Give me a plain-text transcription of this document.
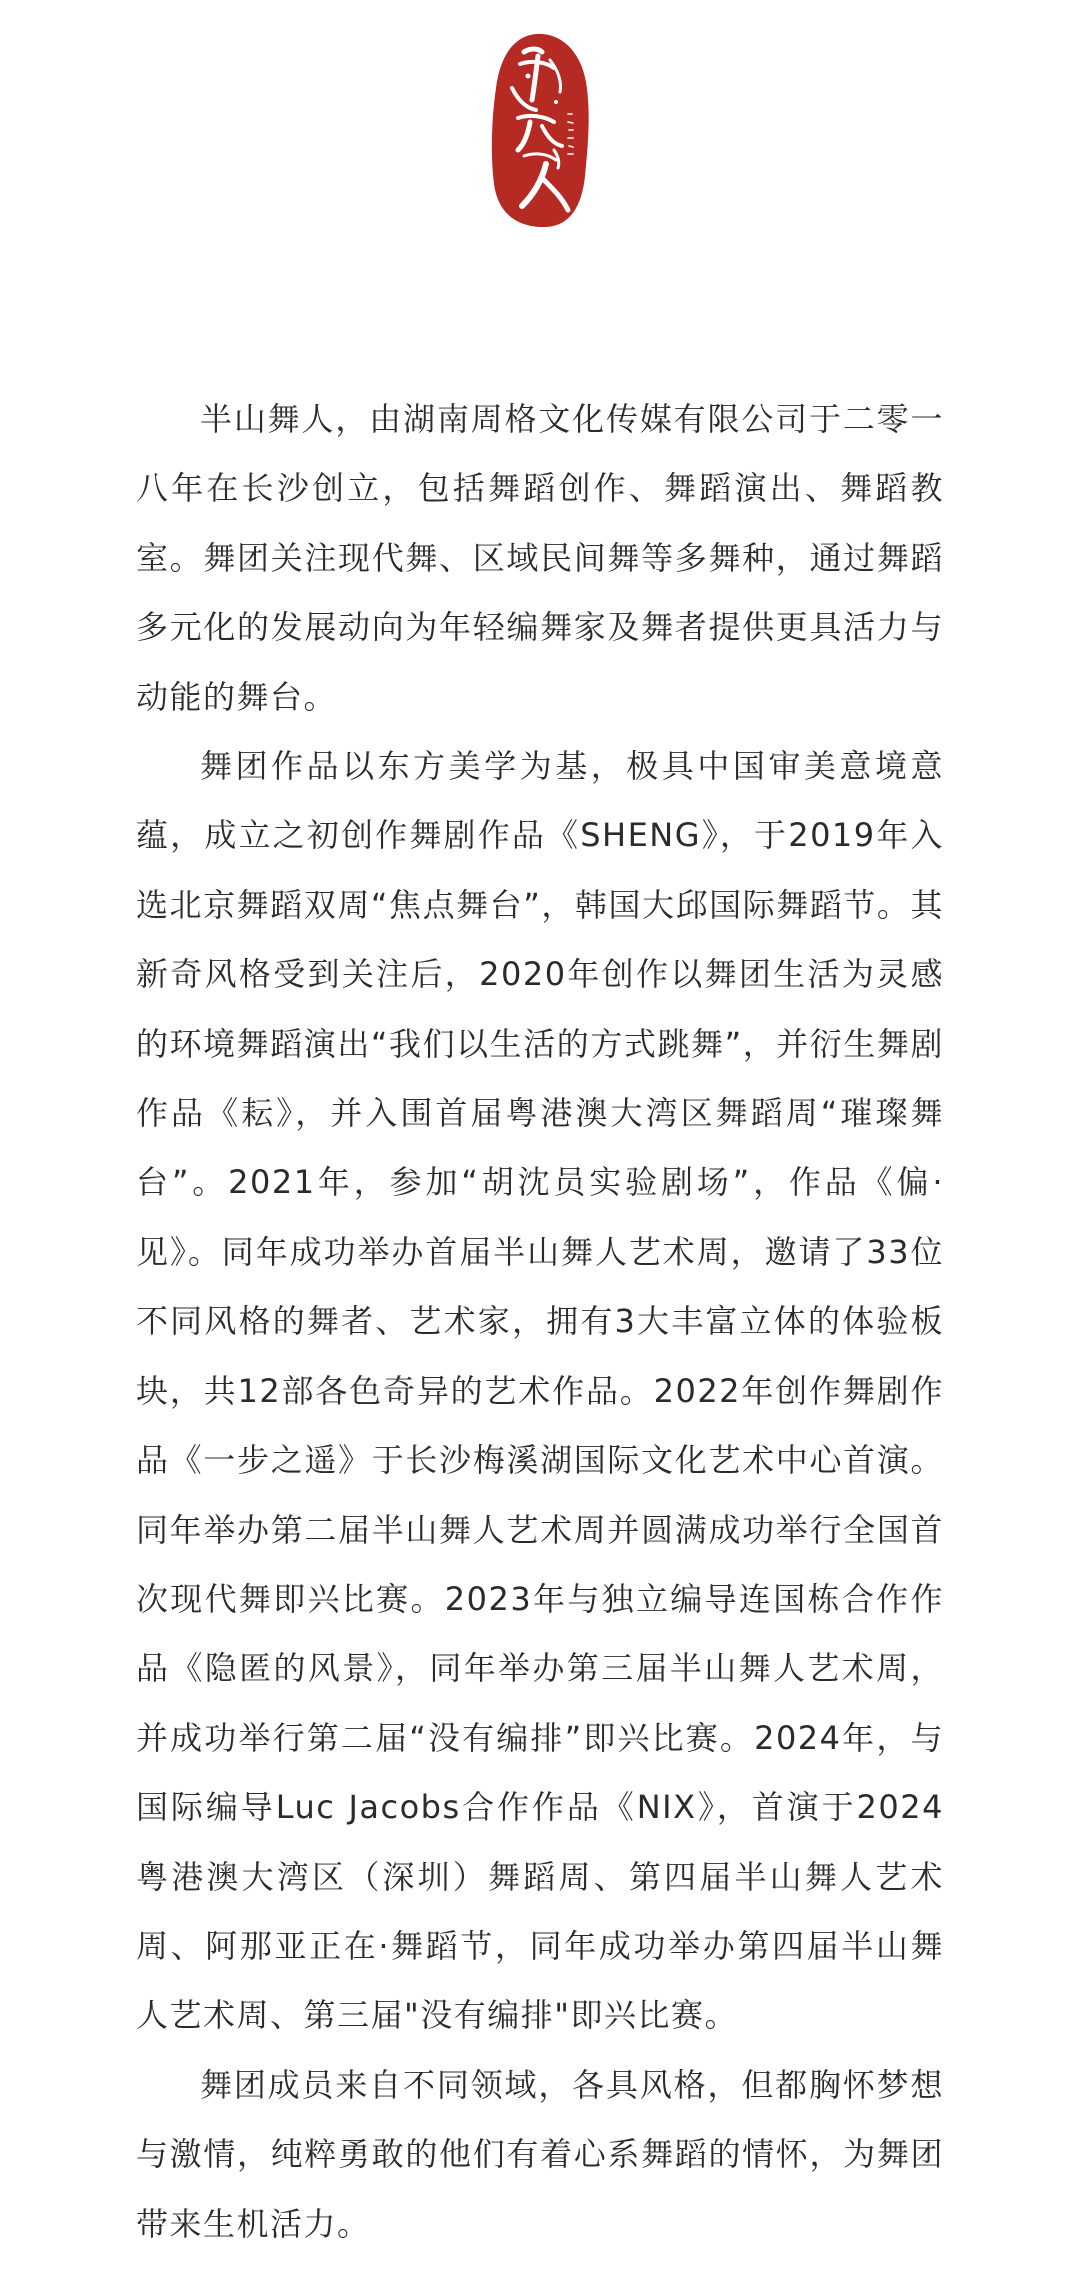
半山舞人，由湖南周格文化传媒有限公司于二零一八年在长沙创立，包括舞蹈创作、舞蹈演出、舞蹈教室。舞团关注现代舞、区域民间舞等多舞种，通过舞蹈多元化的发展动向为年轻编舞家及舞者提供更具活力与动能的舞台。

舞团作品以东方美学为基，极具中国审美意境意蕴，成立之初创作舞剧作品《SHENG》，于2019年入选北京舞蹈双周“焦点舞台”，韩国大邱国际舞蹈节。其新奇风格受到关注后，2020年创作以舞团生活为灵感的环境舞蹈演出“我们以生活的方式跳舞”，并衍生舞剧作品《耘》，并入围首届粤港澳大湾区舞蹈周“璀璨舞台”。2021年，参加“胡沈员实验剧场”，作品《偏·见》。同年成功举办首届半山舞人艺术周，邀请了33位不同风格的舞者、艺术家，拥有3大丰富立体的体验板块，共12部各色奇异的艺术作品。2022年创作舞剧作品《一步之遥》于长沙梅溪湖国际文化艺术中心首演。同年举办第二届半山舞人艺术周并圆满成功举行全国首次现代舞即兴比赛。2023年与独立编导连国栋合作作品《隐匿的风景》，同年举办第三届半山舞人艺术周，并成功举行第二届“没有编排”即兴比赛。2024年，与国际编导Luc Jacobs合作作品《NIX》，首演于2024粤港澳大湾区（深圳）舞蹈周、第四届半山舞人艺术周、阿那亚正在·舞蹈节，同年成功举办第四届半山舞人艺术周、第三届"没有编排"即兴比赛。

舞团成员来自不同领域，各具风格，但都胸怀梦想与激情，纯粹勇敢的他们有着心系舞蹈的情怀，为舞团带来生机活力。
